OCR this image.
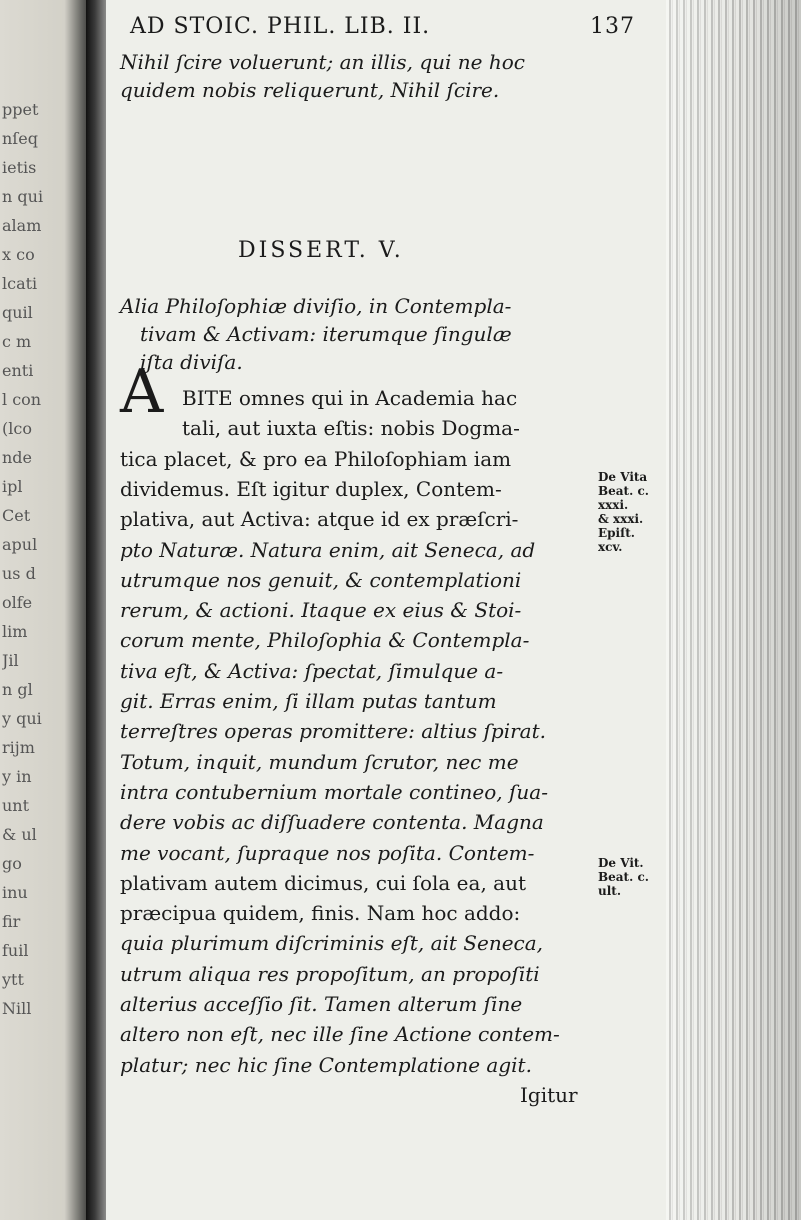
ppet
nſeq
ietis
n qui
alam
x co
lcati
quil
c m
enti
l con
(lco
nde
ipl
Cet
apul
us d
olfe
lim
Jil
n gl
y qui
rijm
y in
unt
& ul
go
inu
fir
fuil
ytt
Nill
AD STOIC. PHIL. LIB. II.	137
Nihil ſcire voluerunt; an illis, qui ne hoc
quidem nobis reliquerunt, Nihil ſcire.
DISSERT. V.
Alia Philoſophiæ diviſio, in Contempla-
tivam & Activam: iterumque ſingulæ
iſta diviſa.
A BITE omnes qui in Academia hac
tali, aut iuxta eſtis: nobis Dogma-
tica placet, & pro ea Philoſophiam iam
dividemus. Eſt igitur duplex, Contem-
plativa, aut Activa: atque id ex præſcri-
pto Naturæ. Natura enim, ait Seneca, ad
utrumque nos genuit, & contemplationi
rerum, & actioni. Itaque ex eius & Stoi-
corum mente, Philoſophia & Contempla-
tiva eſt, & Activa: ſpectat, ſimulque a-
git. Erras enim, ſi illam putas tantum
terreſtres operas promittere: altius ſpirat.
Totum, inquit, mundum ſcrutor, nec me
intra contubernium mortale contineo, ſua-
dere vobis ac diſſuadere contenta. Magna
me vocant, ſupraque nos poſita. Contem-
plativam autem dicimus, cui ſola ea, aut
præcipua quidem, finis. Nam hoc addo:
quia plurimum diſcriminis eſt, ait Seneca,
utrum aliqua res propoſitum, an propoſiti
alterius acceſſio ſit. Tamen alterum ſine
altero non eſt, nec ille ſine Actione contem-
platur; nec hic ſine Contemplatione agit.
Igitur
De Vita
Beat. c.
xxxi.
& xxxi.
Epiſt.
xcv.
De Vit.
Beat. c.
ult.
